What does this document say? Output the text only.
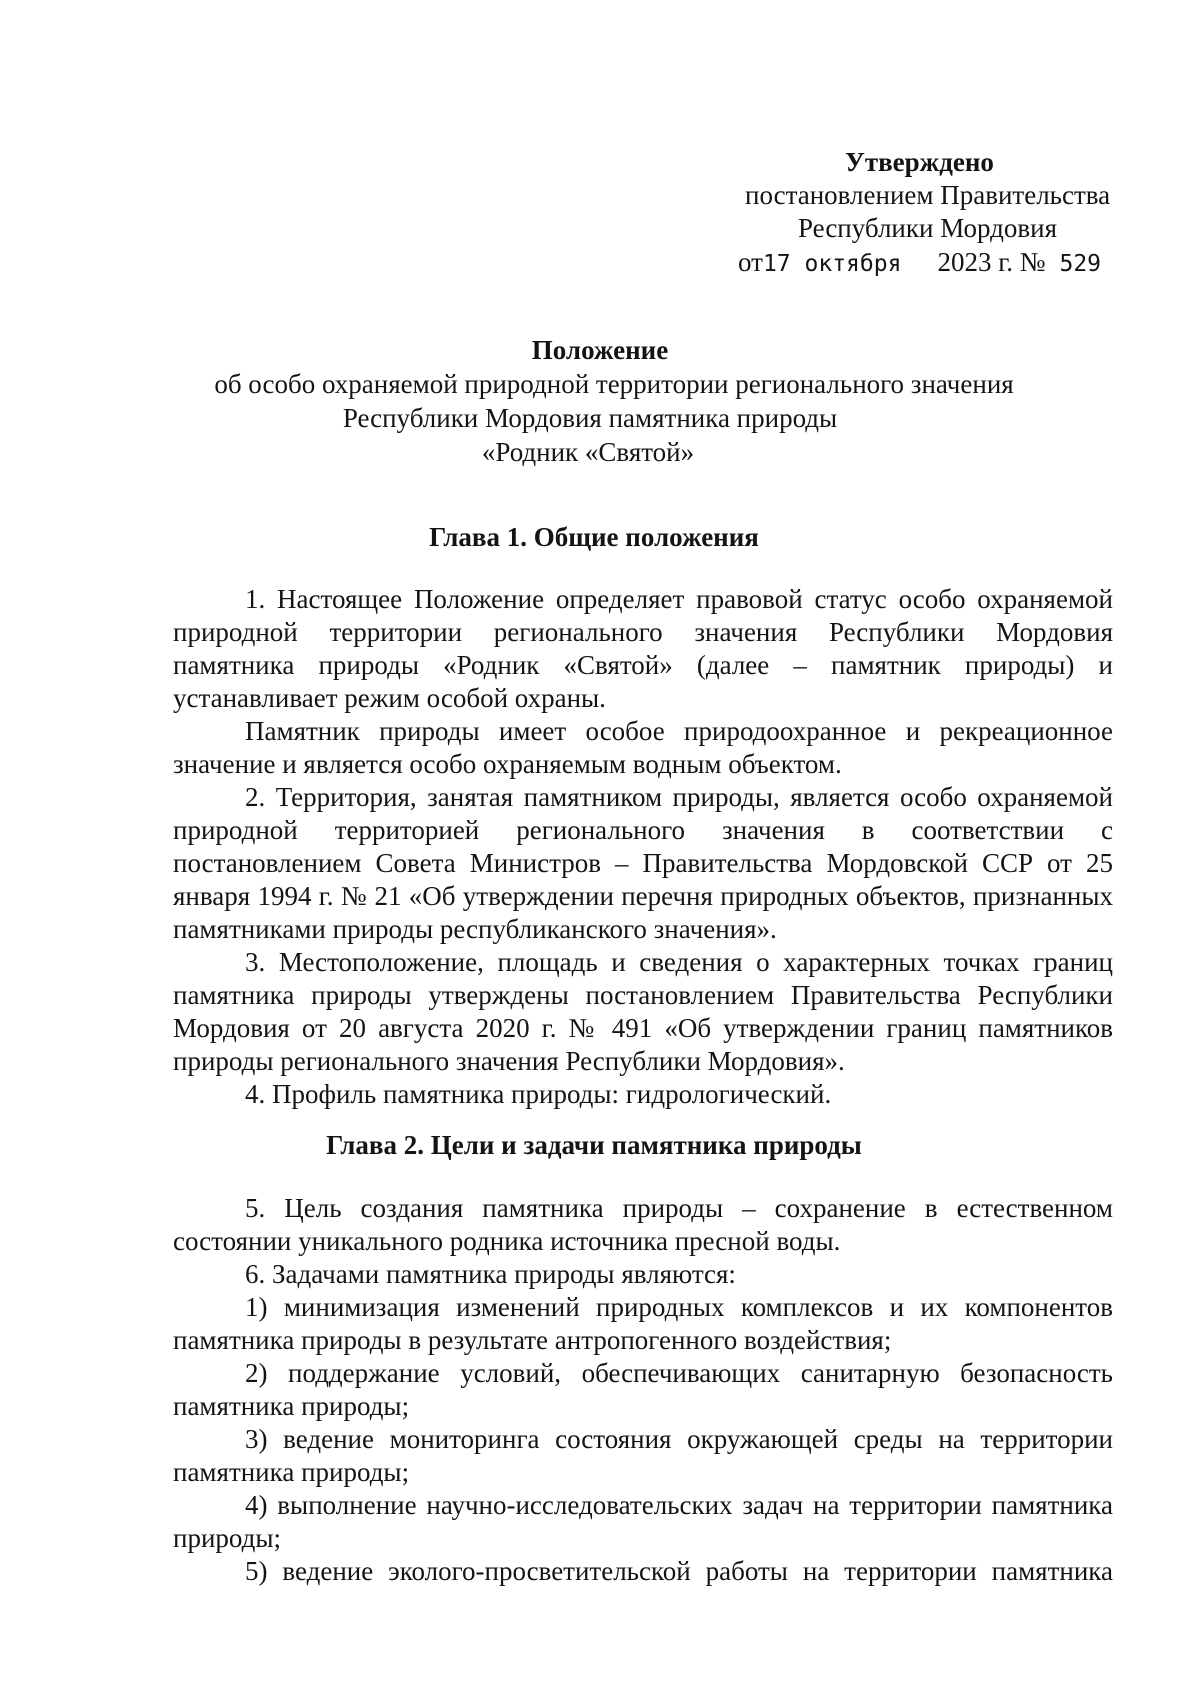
Утверждено
постановлением Правительства
Республики Мордовия
от17 октября 2023 г. № 529
Положение
об особо охраняемой природной территории регионального значения
Республики Мордовия памятника природы
«Родник «Святой»
Глава 1. Общие положения

1. Настоящее Положение определяет правовой статус особо охраняемой природной территории регионального значения Республики Мордовия памятника природы «Родник «Святой» (далее – памятник природы) и устанавливает режим особой охраны.

Памятник природы имеет особое природоохранное и рекреационное значение и является особо охраняемым водным объектом.

2. Территория, занятая памятником природы, является особо охраняемой природной территорией регионального значения в соответствии с постановлением Совета Министров – Правительства Мордовской ССР от 25 января 1994 г. № 21 «Об утверждении перечня природных объектов, признанных памятниками природы республиканского значения».

3. Местоположение, площадь и сведения о характерных точках границ памятника природы утверждены постановлением Правительства Республики Мордовия от 20 августа 2020 г. № 491 «Об утверждении границ памятников природы регионального значения Республики Мордовия».

4. Профиль памятника природы: гидрологический.

Глава 2. Цели и задачи памятника природы

5. Цель создания памятника природы – сохранение в естественном состоянии уникального родника источника пресной воды.

6. Задачами памятника природы являются:

1) минимизация изменений природных комплексов и их компонентов памятника природы в результате антропогенного воздействия;

2) поддержание условий, обеспечивающих санитарную безопасность памятника природы;

3) ведение мониторинга состояния окружающей среды на территории памятника природы;

4) выполнение научно-исследовательских задач на территории памятника природы;

5) ведение эколого-просветительской работы на территории памятника
